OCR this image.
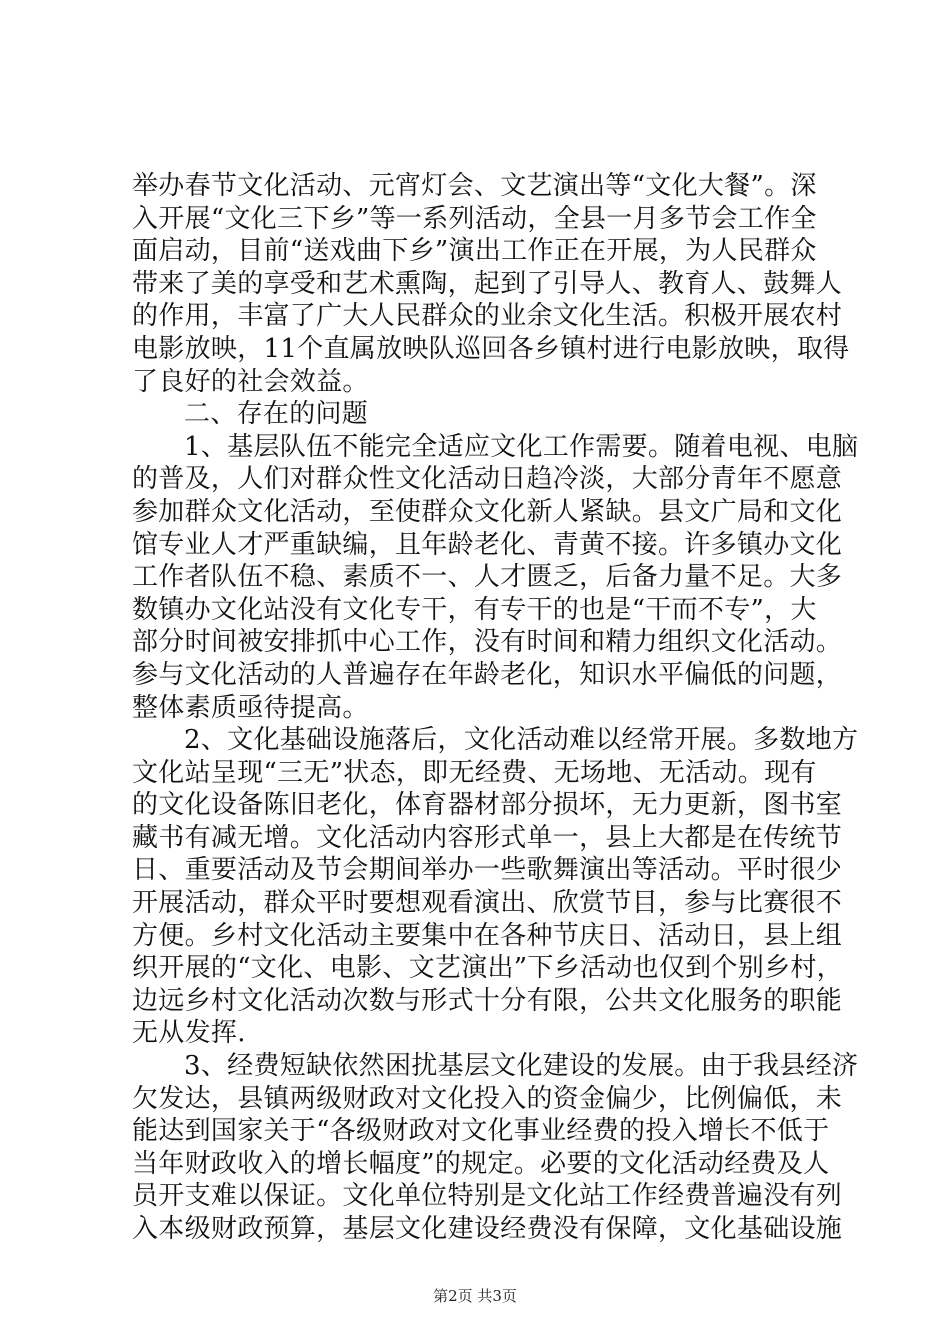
举办春节文化活动、元宵灯会、文艺演出等“文化大餐”。深
入开展“文化三下乡”等一系列活动，全县一月多节会工作全
面启动，目前“送戏曲下乡”演出工作正在开展，为人民群众
带来了美的享受和艺术熏陶，起到了引导人、教育人、鼓舞人
的作用，丰富了广大人民群众的业余文化生活。积极开展农村
电影放映，11个直属放映队巡回各乡镇村进行电影放映，取得
了良好的社会效益。
二、存在的问题
1、基层队伍不能完全适应文化工作需要。随着电视、电脑
的普及，人们对群众性文化活动日趋冷淡，大部分青年不愿意
参加群众文化活动，至使群众文化新人紧缺。县文广局和文化
馆专业人才严重缺编，且年龄老化、青黄不接。许多镇办文化
工作者队伍不稳、素质不一、人才匮乏，后备力量不足。大多
数镇办文化站没有文化专干，有专干的也是“干而不专”，大
部分时间被安排抓中心工作，没有时间和精力组织文化活动。
参与文化活动的人普遍存在年龄老化，知识水平偏低的问题，
整体素质亟待提高。
2、文化基础设施落后，文化活动难以经常开展。多数地方
文化站呈现“三无”状态，即无经费、无场地、无活动。现有
的文化设备陈旧老化，体育器材部分损坏，无力更新，图书室
藏书有减无增。文化活动内容形式单一，县上大都是在传统节
日、重要活动及节会期间举办一些歌舞演出等活动。平时很少
开展活动，群众平时要想观看演出、欣赏节目，参与比赛很不
方便。乡村文化活动主要集中在各种节庆日、活动日，县上组
织开展的“文化、电影、文艺演出”下乡活动也仅到个别乡村，
边远乡村文化活动次数与形式十分有限，公共文化服务的职能
无从发挥.
3、经费短缺依然困扰基层文化建设的发展。由于我县经济
欠发达，县镇两级财政对文化投入的资金偏少，比例偏低，未
能达到国家关于“各级财政对文化事业经费的投入增长不低于
当年财政收入的增长幅度”的规定。必要的文化活动经费及人
员开支难以保证。文化单位特别是文化站工作经费普遍没有列
入本级财政预算，基层文化建设经费没有保障，文化基础设施
第2页 共3页
